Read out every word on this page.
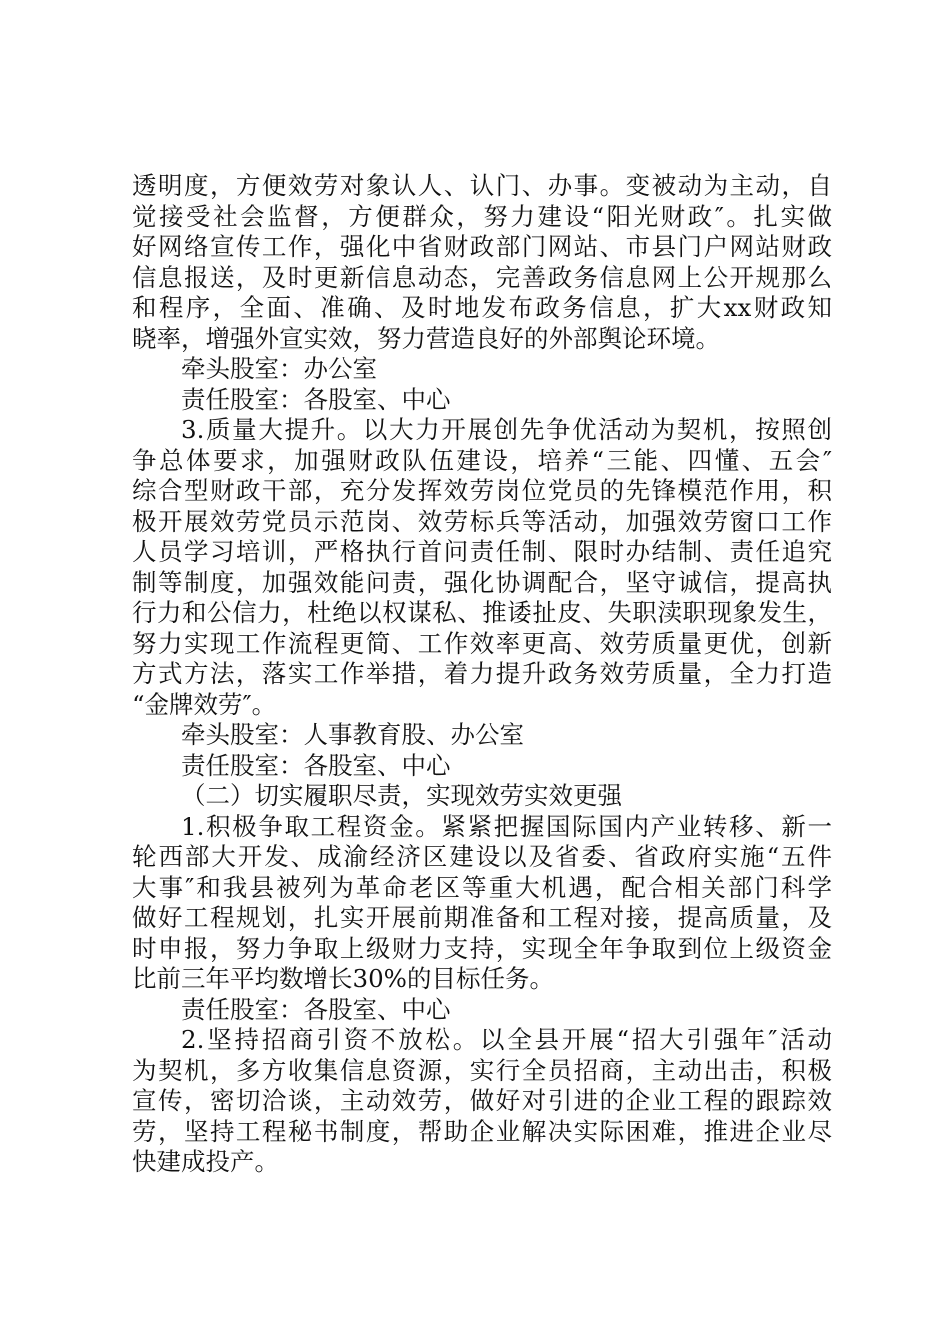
透明度，方便效劳对象认人、认门、办事。变被动为主动，自
觉接受社会监督，方便群众，努力建设“阳光财政″。扎实做
好网络宣传工作，强化中省财政部门网站、市县门户网站财政
信息报送，及时更新信息动态，完善政务信息网上公开规那么
和程序，全面、准确、及时地发布政务信息，扩大xx财政知
晓率，增强外宣实效，努力营造良好的外部舆论环境。
牵头股室：办公室
责任股室：各股室、中心
3.质量大提升。以大力开展创先争优活动为契机，按照创
争总体要求，加强财政队伍建设，培养“三能、四懂、五会″
综合型财政干部，充分发挥效劳岗位党员的先锋模范作用，积
极开展效劳党员示范岗、效劳标兵等活动，加强效劳窗口工作
人员学习培训，严格执行首问责任制、限时办结制、责任追究
制等制度，加强效能问责，强化协调配合，坚守诚信，提高执
行力和公信力，杜绝以权谋私、推诿扯皮、失职渎职现象发生，
努力实现工作流程更简、工作效率更高、效劳质量更优，创新
方式方法，落实工作举措，着力提升政务效劳质量，全力打造
“金牌效劳″。
牵头股室：人事教育股、办公室
责任股室：各股室、中心
（二）切实履职尽责，实现效劳实效更强
1.积极争取工程资金。紧紧把握国际国内产业转移、新一
轮西部大开发、成渝经济区建设以及省委、省政府实施“五件
大事″和我县被列为革命老区等重大机遇，配合相关部门科学
做好工程规划，扎实开展前期准备和工程对接，提高质量，及
时申报，努力争取上级财力支持，实现全年争取到位上级资金
比前三年平均数增长30%的目标任务。
责任股室：各股室、中心
2.坚持招商引资不放松。以全县开展“招大引强年″活动
为契机，多方收集信息资源，实行全员招商，主动出击，积极
宣传，密切洽谈，主动效劳，做好对引进的企业工程的跟踪效
劳，坚持工程秘书制度，帮助企业解决实际困难，推进企业尽
快建成投产。
